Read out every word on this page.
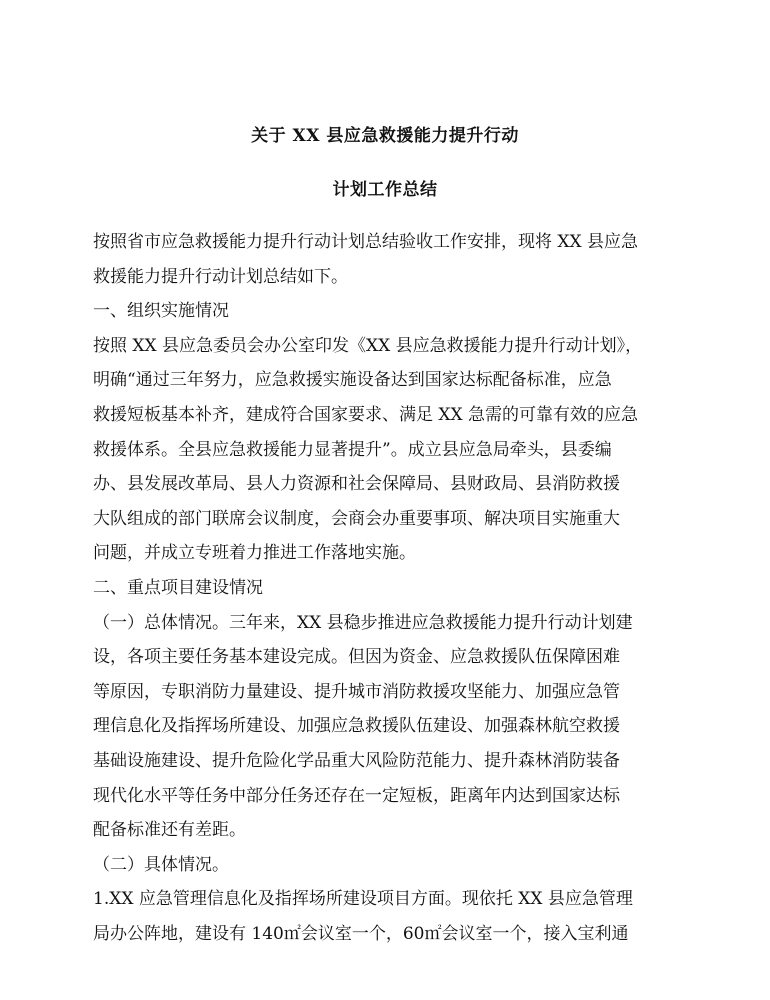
关于 XX 县应急救援能力提升行动
计划工作总结
按照省市应急救援能力提升行动计划总结验收工作安排，现将 XX 县应急
救援能力提升行动计划总结如下。
一、组织实施情况
按照 XX 县应急委员会办公室印发《XX 县应急救援能力提升行动计划》，
明确“通过三年努力，应急救援实施设备达到国家达标配备标准，应急
救援短板基本补齐，建成符合国家要求、满足 XX 急需的可靠有效的应急
救援体系。全县应急救援能力显著提升”。成立县应急局牵头，县委编
办、县发展改革局、县人力资源和社会保障局、县财政局、县消防救援
大队组成的部门联席会议制度，会商会办重要事项、解决项目实施重大
问题，并成立专班着力推进工作落地实施。
二、重点项目建设情况
（一）总体情况。三年来，XX 县稳步推进应急救援能力提升行动计划建
设，各项主要任务基本建设完成。但因为资金、应急救援队伍保障困难
等原因，专职消防力量建设、提升城市消防救援攻坚能力、加强应急管
理信息化及指挥场所建设、加强应急救援队伍建设、加强森林航空救援
基础设施建设、提升危险化学品重大风险防范能力、提升森林消防装备
现代化水平等任务中部分任务还存在一定短板，距离年内达到国家达标
配备标准还有差距。
（二）具体情况。
1.XX 应急管理信息化及指挥场所建设项目方面。现依托 XX 县应急管理
局办公阵地，建设有 140㎡会议室一个，60㎡会议室一个，接入宝利通
